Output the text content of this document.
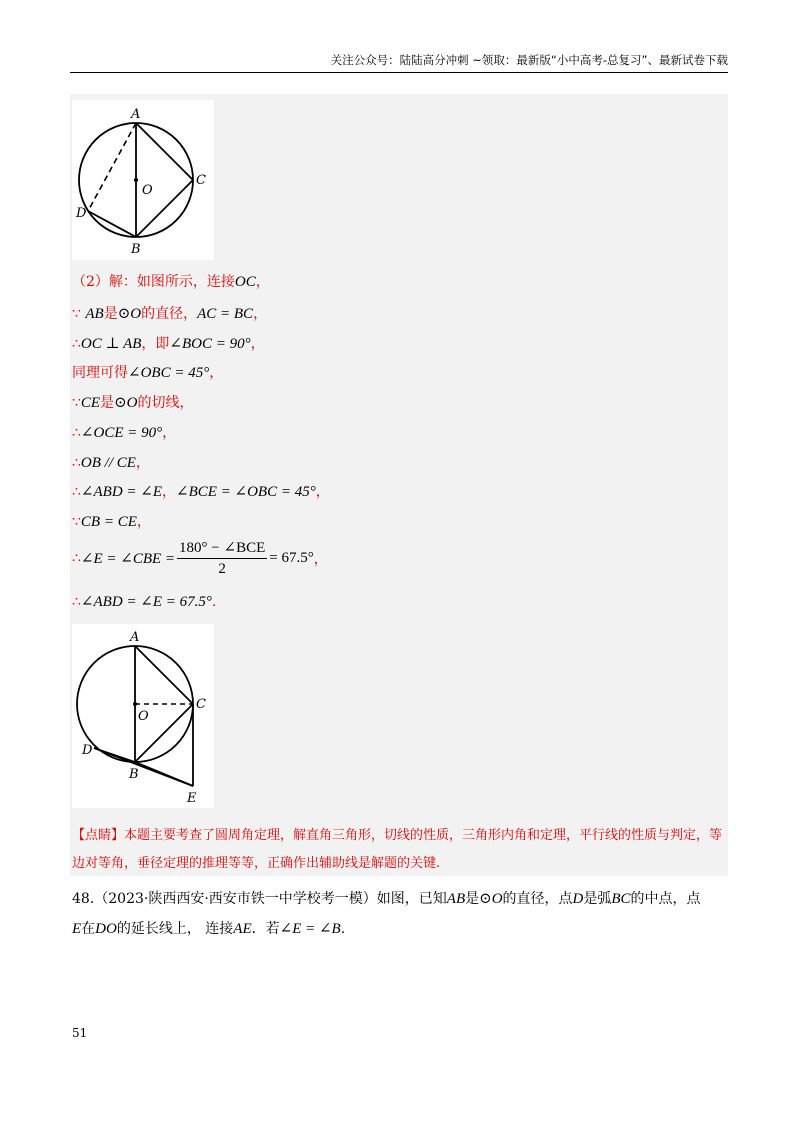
关注公众号：陆陆高分冲刺 ~领取：最新版“小中高考-总复习”、最新试卷下载
A
B
C
D
O
（2）解：如图所示，连接OC，
∵ AB是⊙O的直径，AC = BC，
∴OC ⊥ AB，即∠BOC = 90°，
同理可得∠OBC = 45°，
∵CE是⊙O的切线，
∴∠OCE = 90°，
∴OB // CE，
∴∠ABD = ∠E，∠BCE = ∠OBC = 45°，
∵CB = CE，
∴∠E = ∠CBE = $\frac{\text{180° − ∠BCE}}{2} = 67.5^\circ$，
∴∠ABD = ∠E = 67.5°.
A
B
C
D
O
E
【点睛】本题主要考查了圆周角定理，解直角三角形，切线的性质，三角形内角和定理，平行线的性质与判定，等边对等角，垂径定理的推理等等，正确作出辅助线是解题的关键.
48.（2023·陕西西安·西安市铁一中学校考一模）如图，已知AB是⊙O的直径，点D是弧BC的中点，点
E在DO的延长线上， 连接AE．若∠E = ∠B.
51
